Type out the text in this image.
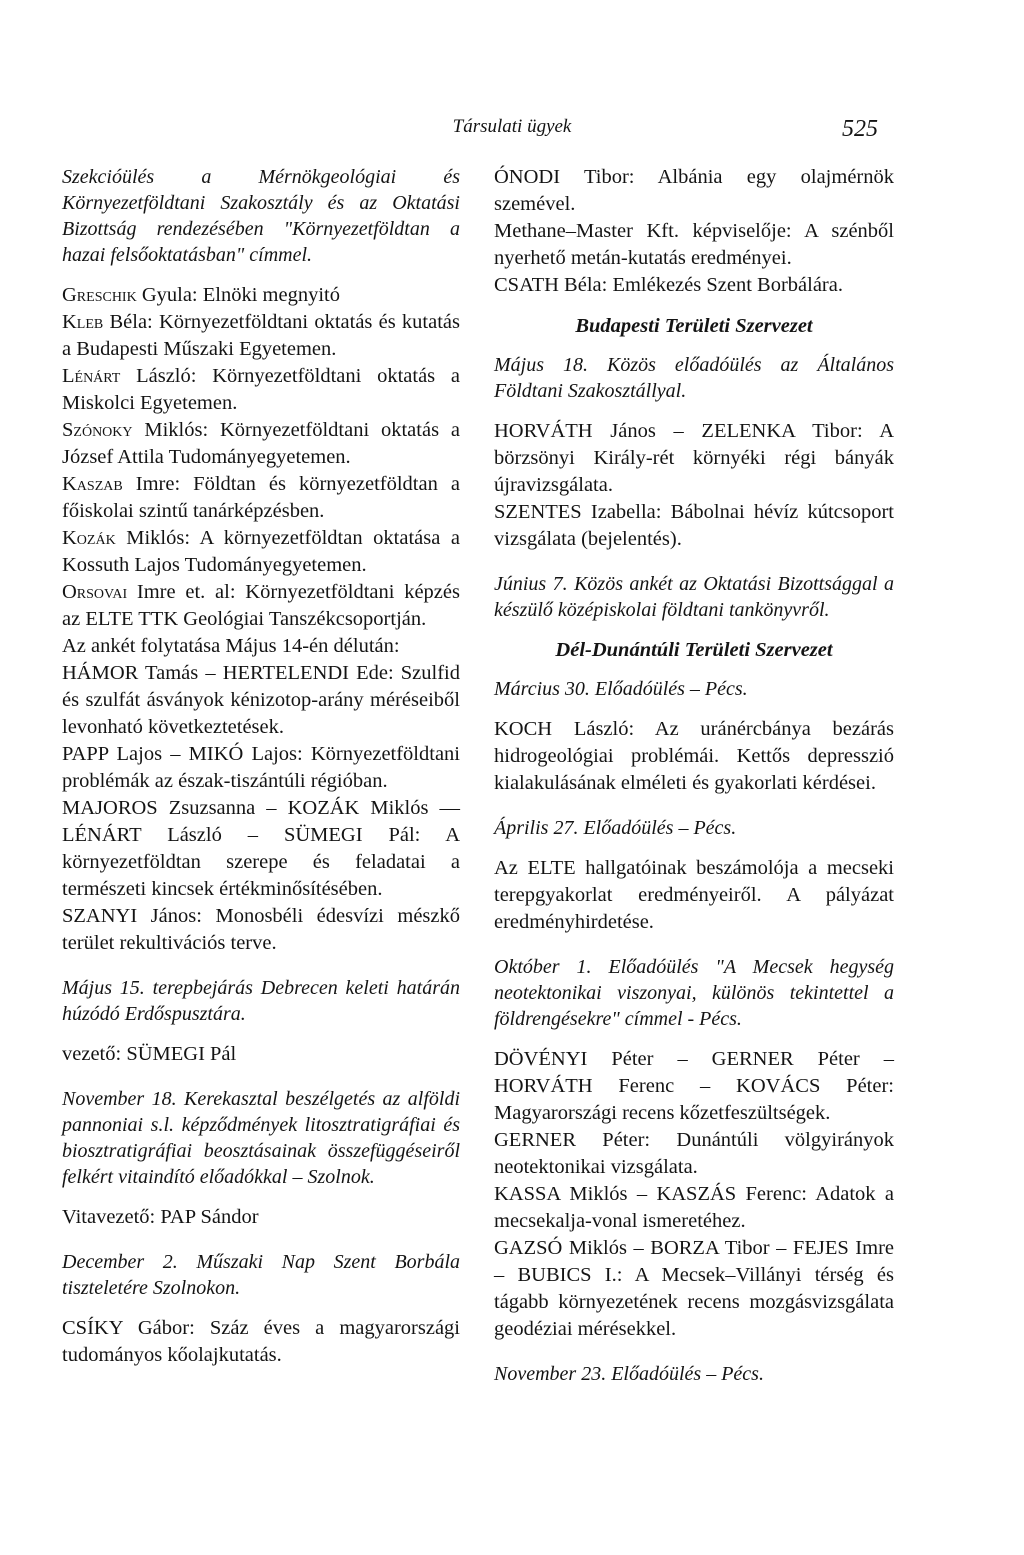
Társulati ügyek	525

Szekcióülés a Mérnökgeológiai és Környezetföldtani Szakosztály és az Oktatási Bizottság rendezésében "Környezetföldtan a hazai felsőoktatásban" címmel.

Greschik Gyula: Elnöki megnyitó

Kleb Béla: Környezetföldtani oktatás és kutatás a Budapesti Műszaki Egyetemen.

Lénárt László: Környezetföldtani oktatás a Miskolci Egyetemen.

Szónoky Miklós: Környezetföldtani oktatás a József Attila Tudományegyetemen.

Kaszab Imre: Földtan és környezetföldtan a főiskolai szintű tanárképzésben.

Kozák Miklós: A környezetföldtan oktatása a Kossuth Lajos Tudományegyetemen.

Orsovai Imre et. al: Környezetföldtani képzés az ELTE TTK Geológiai Tanszékcsoportján.

Az ankét folytatása Május 14-én délután:

HÁMOR Tamás – HERTELENDI Ede: Szulfid és szulfát ásványok kénizotop-arány méréseiből levonható következtetések.

PAPP Lajos – MIKÓ Lajos: Környezetföldtani problémák az észak-tiszántúli régióban.

MAJOROS Zsuzsanna – KOZÁK Miklós — LÉNÁRT László – SÜMEGI Pál: A környezetföldtan szerepe és feladatai a természeti kincsek értékminősítésében.

SZANYI János: Monosbéli édesvízi mészkő terület rekultivációs terve.

Május 15. terepbejárás Debrecen keleti határán húzódó Erdőspusztára.

vezető: SÜMEGI Pál

November 18. Kerekasztal beszélgetés az alföldi pannoniai s.l. képződmények litosztratigráfiai és biosztratigráfiai beosztásainak összefüggéseiről felkért vitaindító előadókkal – Szolnok.

Vitavezető: PAP Sándor

December 2. Műszaki Nap Szent Borbála tiszteletére Szolnokon.

CSÍKY Gábor: Száz éves a magyarországi tudományos kőolajkutatás.

ÓNODI Tibor: Albánia egy olajmérnök szemével.

Methane–Master Kft. képviselője: A szénből nyerhető metán-kutatás eredményei.

CSATH Béla: Emlékezés Szent Borbálára.

Budapesti Területi Szervezet

Május 18. Közös előadóülés az Általános Földtani Szakosztállyal.

HORVÁTH János – ZELENKA Tibor: A börzsönyi Király-rét környéki régi bányák újravizsgálata.

SZENTES Izabella: Bábolnai hévíz kútcsoport vizsgálata (bejelentés).

Június 7. Közös ankét az Oktatási Bizottsággal a készülő középiskolai földtani tankönyvről.

Dél-Dunántúli Területi Szervezet

Március 30. Előadóülés – Pécs.

KOCH László: Az uránércbánya bezárás hidrogeológiai problémái. Kettős depresszió kialakulásának elméleti és gyakorlati kérdései.

Április 27. Előadóülés – Pécs.

Az ELTE hallgatóinak beszámolója a mecseki terepgyakorlat eredményeiről. A pályázat eredményhirdetése.

Október 1. Előadóülés "A Mecsek hegység neotektonikai viszonyai, különös tekintettel a földrengésekre" címmel - Pécs.

DÖVÉNYI Péter – GERNER Péter – HORVÁTH Ferenc – KOVÁCS Péter: Magyarországi recens kőzetfeszültségek.

GERNER Péter: Dunántúli völgyirányok neotektonikai vizsgálata.

KASSA Miklós – KASZÁS Ferenc: Adatok a mecsekalja-vonal ismeretéhez.

GAZSÓ Miklós – BORZA Tibor – FEJES Imre – BUBICS I.: A Mecsek–Villányi térség és tágabb környezetének recens mozgásvizsgálata geodéziai mérésekkel.

November 23. Előadóülés – Pécs.
